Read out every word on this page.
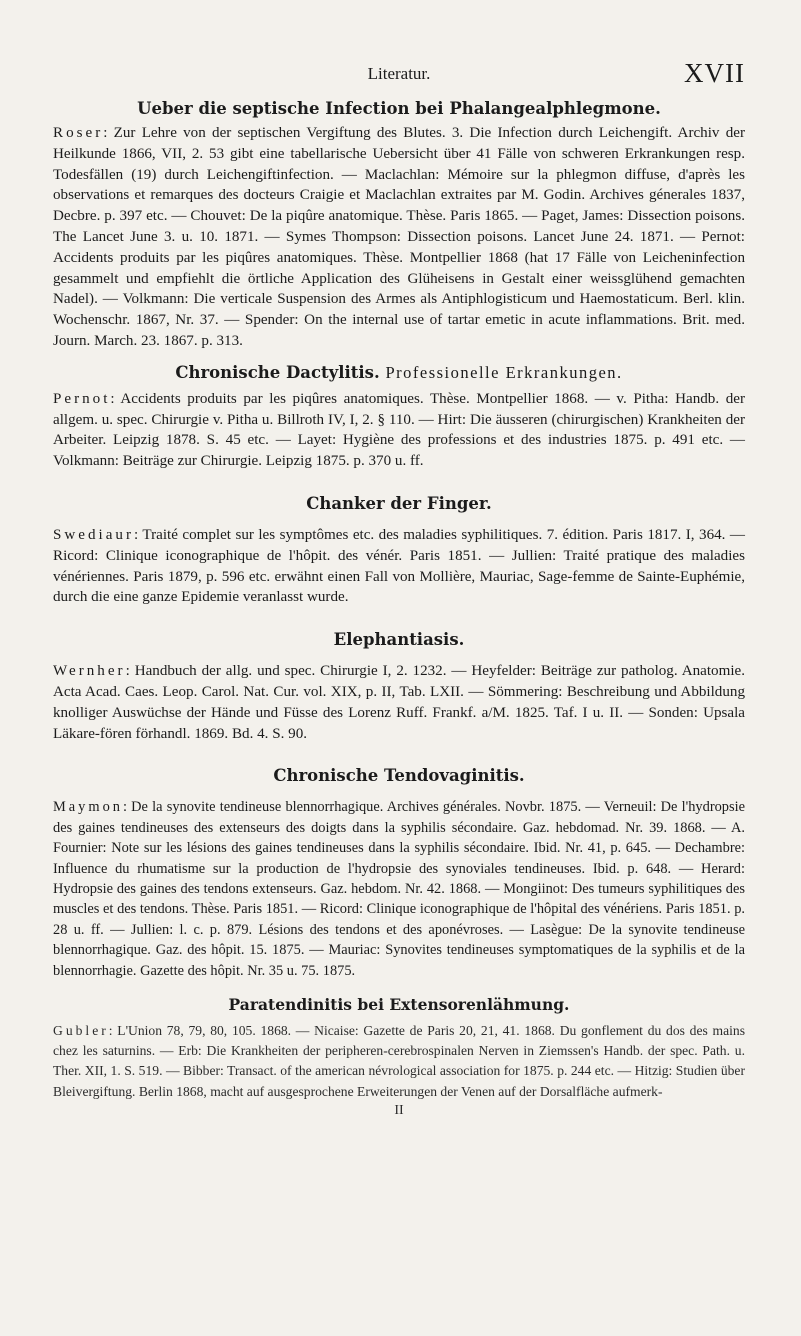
Literatur.	XVII
Ueber die septische Infection bei Phalangealphlegmone.

Roser: Zur Lehre von der septischen Vergiftung des Blutes. 3. Die Infection durch Leichengift. Archiv der Heilkunde 1866, VII, 2. 53 gibt eine tabellarische Uebersicht über 41 Fälle von schweren Erkrankungen resp. Todesfällen (19) durch Leichengiftinfection. — Maclachlan: Mémoire sur la phlegmon diffuse, d'après les observations et remarques des docteurs Craigie et Maclachlan extraites par M. Godin. Archives génerales 1837, Decbre. p. 397 etc. — Chouvet: De la piqûre anatomique. Thèse. Paris 1865. — Paget, James: Dissection poisons. The Lancet June 3. u. 10. 1871. — Symes Thompson: Dissection poisons. Lancet June 24. 1871. — Pernot: Accidents produits par les piqûres anatomiques. Thèse. Montpellier 1868 (hat 17 Fälle von Leicheninfection gesammelt und empfiehlt die örtliche Application des Glüheisens in Gestalt einer weissglühend gemachten Nadel). — Volkmann: Die verticale Suspension des Armes als Antiphlogisticum und Haemostaticum. Berl. klin. Wochenschr. 1867, Nr. 37. — Spender: On the internal use of tartar emetic in acute inflammations. Brit. med. Journ. March. 23. 1867. p. 313.

Chronische Dactylitis. Professionelle Erkrankungen.

Pernot: Accidents produits par les piqûres anatomiques. Thèse. Montpellier 1868. — v. Pitha: Handb. der allgem. u. spec. Chirurgie v. Pitha u. Billroth IV, I, 2. § 110. — Hirt: Die äusseren (chirurgischen) Krankheiten der Arbeiter. Leipzig 1878. S. 45 etc. — Layet: Hygiène des professions et des industries 1875. p. 491 etc. — Volkmann: Beiträge zur Chirurgie. Leipzig 1875. p. 370 u. ff.

Chanker der Finger.

Swediaur: Traité complet sur les symptômes etc. des maladies syphilitiques. 7. édition. Paris 1817. I, 364. — Ricord: Clinique iconographique de l'hôpit. des vénér. Paris 1851. — Jullien: Traité pratique des maladies vénériennes. Paris 1879, p. 596 etc. erwähnt einen Fall von Mollière, Mauriac, Sage-femme de Sainte-Euphémie, durch die eine ganze Epidemie veranlasst wurde.

Elephantiasis.

Wernher: Handbuch der allg. und spec. Chirurgie I, 2. 1232. — Heyfelder: Beiträge zur patholog. Anatomie. Acta Acad. Caes. Leop. Carol. Nat. Cur. vol. XIX, p. II, Tab. LXII. — Sömmering: Beschreibung und Abbildung knolliger Auswüchse der Hände und Füsse des Lorenz Ruff. Frankf. a/M. 1825. Taf. I u. II. — Sonden: Upsala Läkare-fören förhandl. 1869. Bd. 4. S. 90.

Chronische Tendovaginitis.

Maymon: De la synovite tendineuse blennorrhagique. Archives générales. Novbr. 1875. — Verneuil: De l'hydropsie des gaines tendineuses des extenseurs des doigts dans la syphilis sécondaire. Gaz. hebdomad. Nr. 39. 1868. — A. Fournier: Note sur les lésions des gaines tendineuses dans la syphilis sécondaire. Ibid. Nr. 41, p. 645. — Dechambre: Influence du rhumatisme sur la production de l'hydropsie des synoviales tendineuses. Ibid. p. 648. — Herard: Hydropsie des gaines des tendons extenseurs. Gaz. hebdom. Nr. 42. 1868. — Mongiinot: Des tumeurs syphilitiques des muscles et des tendons. Thèse. Paris 1851. — Ricord: Clinique iconographique de l'hôpital des vénériens. Paris 1851. p. 28 u. ff. — Jullien: l. c. p. 879. Lésions des tendons et des aponévroses. — Lasègue: De la synovite tendineuse blennorrhagique. Gaz. des hôpit. 15. 1875. — Mauriac: Synovites tendineuses symptomatiques de la syphilis et de la blennorrhagie. Gazette des hôpit. Nr. 35 u. 75. 1875.

Paratendinitis bei Extensorenlähmung.

Gubler: L'Union 78, 79, 80, 105. 1868. — Nicaise: Gazette de Paris 20, 21, 41. 1868. Du gonflement du dos des mains chez les saturnins. — Erb: Die Krankheiten der peripheren-cerebrospinalen Nerven in Ziemssen's Handb. der spec. Path. u. Ther. XII, 1. S. 519. — Bibber: Transact. of the american névrological association for 1875. p. 244 etc. — Hitzig: Studien über Bleivergiftung. Berlin 1868, macht auf ausgesprochene Erweiterungen der Venen auf der Dorsalfläche aufmerk-

II
